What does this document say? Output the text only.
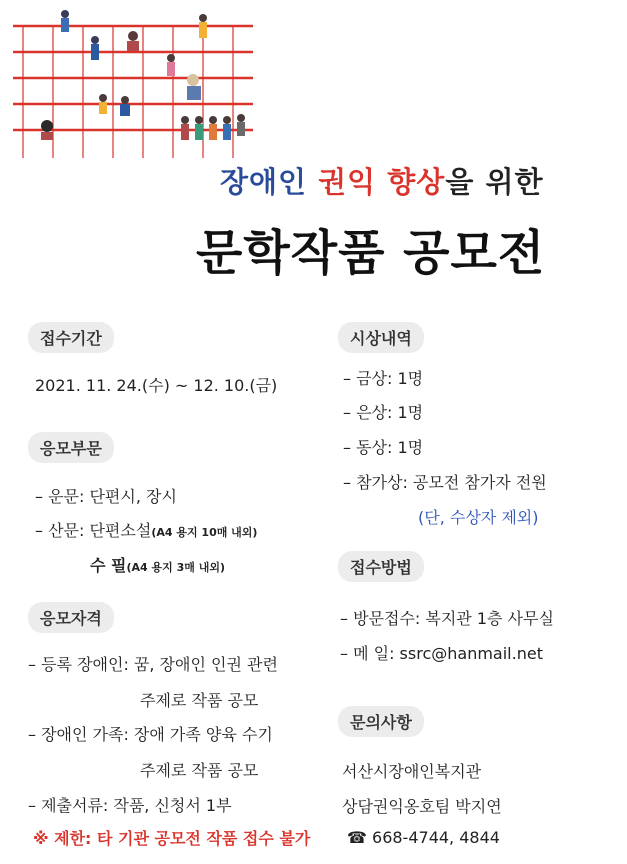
장애인 권익 향상을 위한
문학작품 공모전
접수기간
2021. 11. 24.(수) ~ 12. 10.(금)
응모부문
– 운문: 단편시, 장시
– 산문: 단편소설(A4 용지 10매 내외)
수 필(A4 용지 3매 내외)
응모자격
– 등록 장애인: 꿈, 장애인 인권 관련
주제로 작품 공모
– 장애인 가족: 장애 가족 양육 수기
주제로 작품 공모
– 제출서류: 작품, 신청서 1부
※ 제한: 타 기관 공모전 작품 접수 불가
시상내역
– 금상: 1명
– 은상: 1명
– 동상: 1명
– 참가상: 공모전 참가자 전원
(단, 수상자 제외)
접수방법
– 방문접수: 복지관 1층 사무실
– 메 일: ssrc@hanmail.net
문의사항
서산시장애인복지관
상담권익옹호팀 박지연
☎ 668-4744, 4844
